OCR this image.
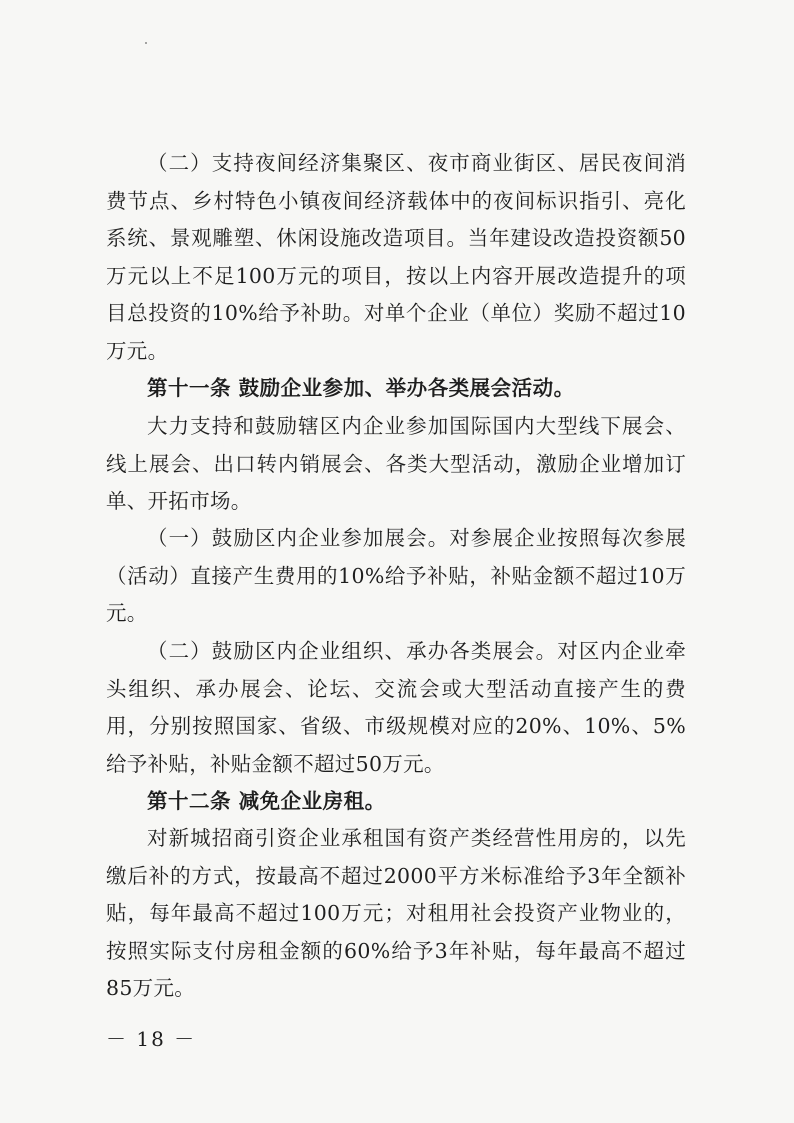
（二）支持夜间经济集聚区、夜市商业街区、居民夜间消费节点、乡村特色小镇夜间经济载体中的夜间标识指引、亮化系统、景观雕塑、休闲设施改造项目。当年建设改造投资额50万元以上不足100万元的项目，按以上内容开展改造提升的项目总投资的10%给予补助。对单个企业（单位）奖励不超过10万元。

第十一条 鼓励企业参加、举办各类展会活动。

大力支持和鼓励辖区内企业参加国际国内大型线下展会、线上展会、出口转内销展会、各类大型活动，激励企业增加订单、开拓市场。

（一）鼓励区内企业参加展会。对参展企业按照每次参展（活动）直接产生费用的10%给予补贴，补贴金额不超过10万元。

（二）鼓励区内企业组织、承办各类展会。对区内企业牵头组织、承办展会、论坛、交流会或大型活动直接产生的费用，分别按照国家、省级、市级规模对应的20%、10%、5%给予补贴，补贴金额不超过50万元。

第十二条 减免企业房租。

对新城招商引资企业承租国有资产类经营性用房的，以先缴后补的方式，按最高不超过2000平方米标准给予3年全额补贴，每年最高不超过100万元；对租用社会投资产业物业的，按照实际支付房租金额的60%给予3年补贴，每年最高不超过85万元。

－ 18 －
